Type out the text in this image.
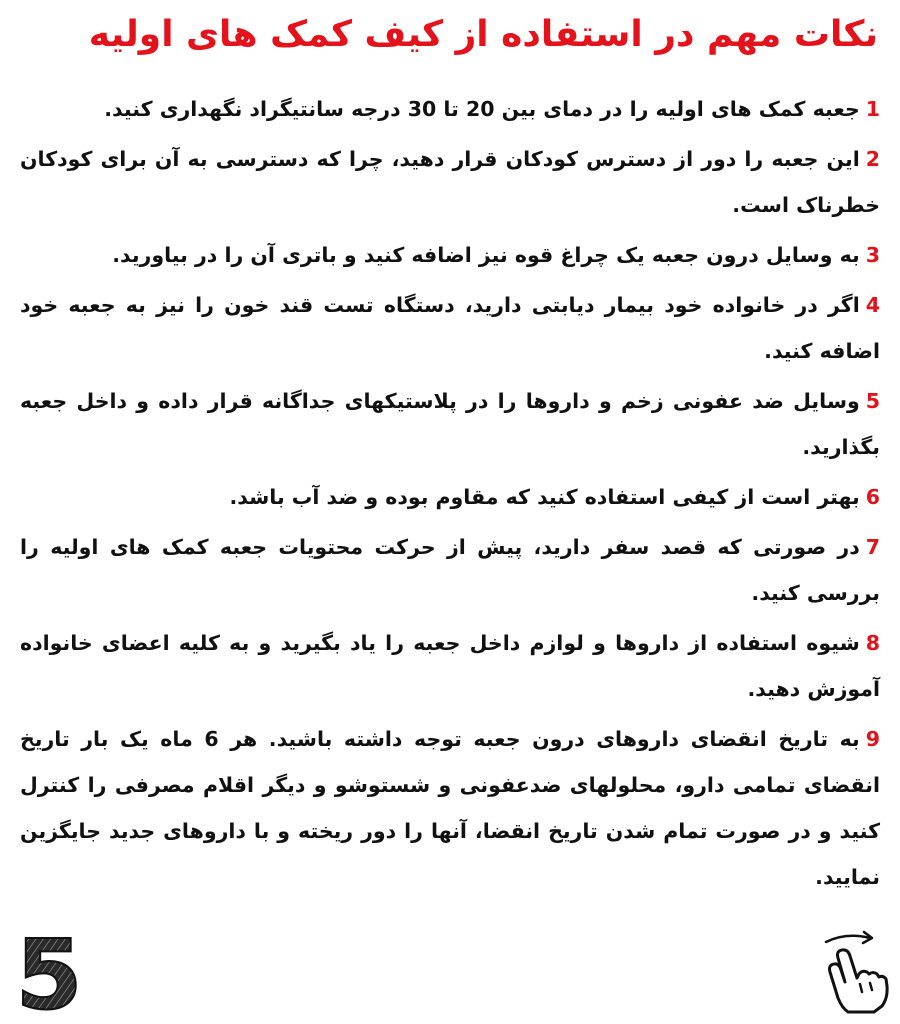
نکات مهم در استفاده از کیف کمک های اولیه
1جعبه کمک های اولیه را در دمای بین 20 تا 30 درجه سانتیگراد نگهداری کنید.
2این جعبه را دور از دسترس کودکان قرار دهید، چرا که دسترسی به آن برای کودکان خطرناک است.
3به وسایل درون جعبه یک چراغ قوه نیز اضافه کنید و باتری آن را در بیاورید.
4اگر در خانواده خود بیمار دیابتی دارید، دستگاه تست قند خون را نیز به جعبه خود اضافه کنید.
5وسایل ضد عفونی زخم و داروها را در پلاستیکهای جداگانه قرار داده و داخل جعبه بگذارید.
6بهتر است از کیفی استفاده کنید که مقاوم بوده و ضد آب باشد.
7در صورتی که قصد سفر دارید، پیش از حرکت محتویات جعبه کمک های اولیه را بررسی کنید.
8شیوه استفاده از داروها و لوازم داخل جعبه را یاد بگیرید و به کلیه اعضای خانواده آموزش دهید.
9به تاریخ انقضای داروهای درون جعبه توجه داشته باشید. هر 6 ماه یک بار تاریخ انقضای تمامی دارو، محلولهای ضدعفونی و شستوشو و دیگر اقلام مصرفی را کنترل کنید و در صورت تمام شدن تاریخ انقضا، آنها را دور ریخته و با داروهای جدید جایگزین نمایید.
5
